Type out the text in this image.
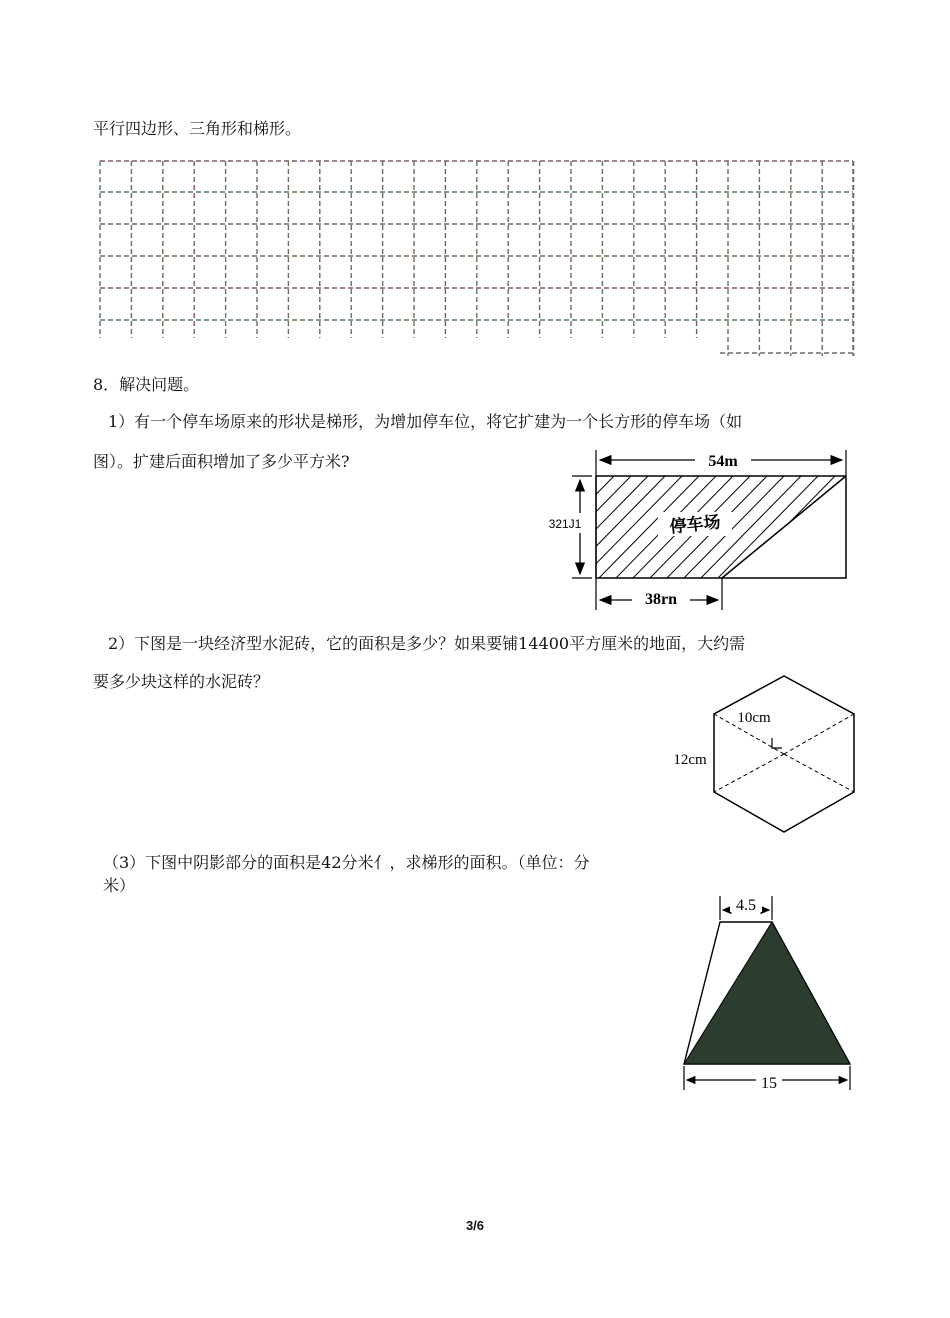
平行四边形、三角形和梯形。
8．解决问题。
1）有一个停车场原来的形状是梯形，为增加停车位，将它扩建为一个长方形的停车场（如
图）。扩建后面积增加了多少平方米?	54m
321J1	停车场
38rn
2）下图是一块经济型水泥砖，它的面积是多少？如果要铺14400平方厘米的地面，大约需
要多少块这样的水泥砖？
10cm
12cm
（3）下图中阴影部分的面积是42分米亻，求梯形的面积。（单位：分
米）
4.5
15
3/6
